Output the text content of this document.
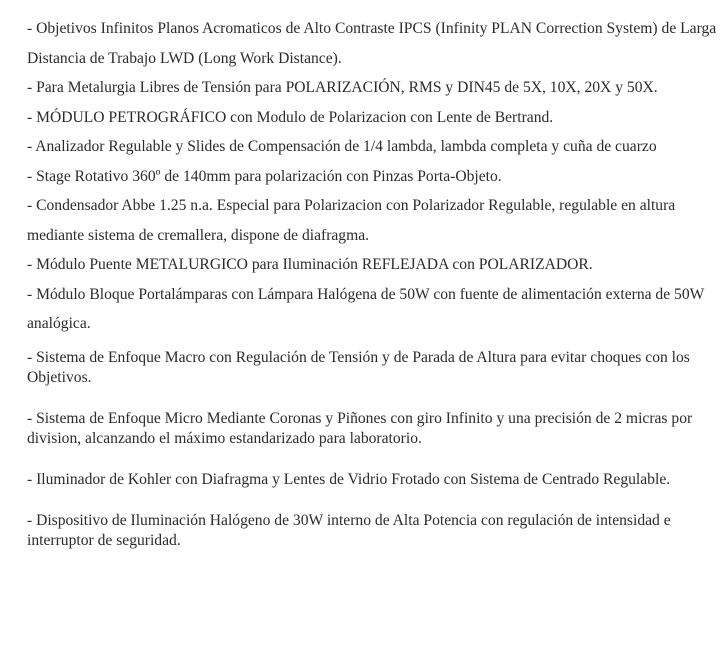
- Objetivos Infinitos Planos Acromaticos de Alto Contraste IPCS (Infinity PLAN Correction System) de Larga Distancia de Trabajo LWD (Long Work Distance).

- Para Metalurgia Libres de Tensión para POLARIZACIÓN, RMS y DIN45 de 5X, 10X, 20X y 50X.

- MÓDULO PETROGRÁFICO con Modulo de Polarizacion con Lente de Bertrand.

- Analizador Regulable y Slides de Compensación de 1/4 lambda, lambda completa y cuña de cuarzo

- Stage Rotativo 360º de 140mm para polarización con Pinzas Porta-Objeto.

- Condensador Abbe 1.25 n.a. Especial para Polarizacion con Polarizador Regulable, regulable en altura mediante sistema de cremallera, dispone de diafragma.

- Módulo Puente METALURGICO para Iluminación REFLEJADA con POLARIZADOR.

- Módulo Bloque Portalámparas con Lámpara Halógena de 50W con fuente de alimentación externa de 50W analógica.

- Sistema de Enfoque Macro con Regulación de Tensión y de Parada de Altura para evitar choques con los Objetivos.

- Sistema de Enfoque Micro Mediante Coronas y Piñones con giro Infinito y una precisión de 2 micras por division, alcanzando el máximo estandarizado para laboratorio.

- Iluminador de Kohler con Diafragma y Lentes de Vidrio Frotado con Sistema de Centrado Regulable.

- Dispositivo de Iluminación Halógeno de 30W interno de Alta Potencia con regulación de intensidad e interruptor de seguridad.
